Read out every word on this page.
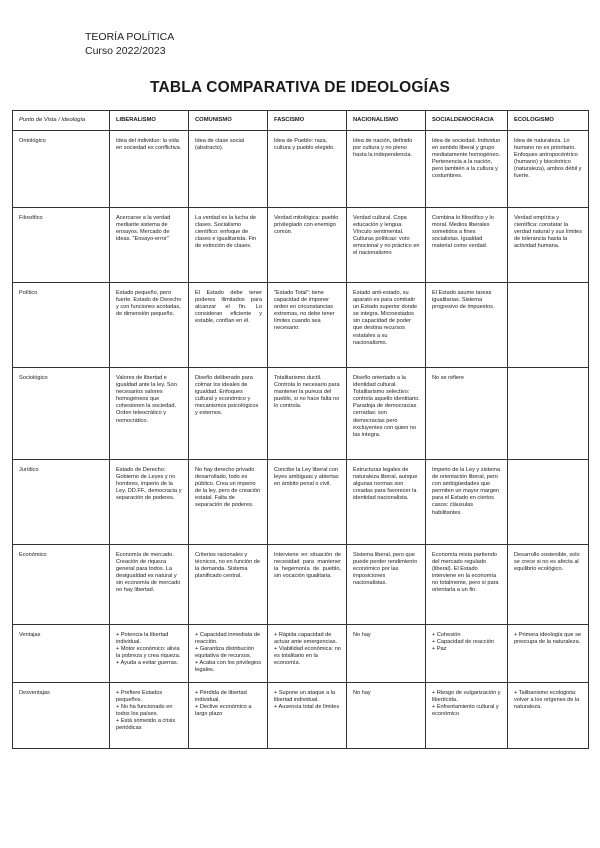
TEORÍA POLÍTICA
Curso 2022/2023
TABLA COMPARATIVA DE IDEOLOGÍAS
Punto de Vista / Ideología	LIBERALISMO	COMUNISMO	FASCISMO	NACIONALISMO	SOCIALDEMOCRACIA	ECOLOGISMO
Ontológico	Idea del individuo: la vida en sociedad es conflictiva.	Idea de clase social (abstracto).	Idea de Pueblo: raza, cultura y pueblo elegido.	Idea de nación, definido por cultura y no pleno hasta la independencia.	Idea de sociedad. Individuo en sentido liberal y grupo mediatamente homogéneo. Pertenencia a la nación, pero también a la cultura y costumbres.	Idea de naturaleza. Lo humano no es prioritario. Enfoques antropocéntrico (humano) y biocéntrico (naturaleza), ambos débil y fuerte.

Filosófico	Acercarse a la verdad mediante sistema de ensayos. Mercado de ideas. "Ensayo-error"	La verdad es la lucha de clases. Socialismo científico: enfoque de clases e igualitarista. Fin de extinción de clases.	Verdad mitológica: pueblo privilegiado con enemigo común.	Verdad cultural. Copa educación y lengua. Vínculo sentimental. Culturas políticas: voto emocional y no práctico en el nacionalismo	Combina lo filosófico y lo moral. Medios liberales sometidos a fines socialistas. Igualdad material como verdad.	Verdad empírica y científica: constatar la verdad natural y sus límites de tolerancia hasta la actividad humana.

Político	Estado pequeño, pero fuerte. Estado de Derecho y con funciones acotadas, de dimensión pequeño.	El Estado debe tener poderes ilimitados para alcanzar el fin. Lo consideran eficiente y estable, confían en él.	"Estado Total": tiene capacidad de imponer orden en circunstancias extremas, no debe tener límites cuando sea necesario.	Estado anti-estado, su aparato es para combatir un Estado superior donde se integra. Microestados sin capacidad de poder que destina recursos estatales a su nacionalismo.	El Estado asume tareas igualitarias. Sistema progresivo de impuestos.	

Sociológico	Valores de libertad e igualdad ante la ley. Son necesarios valores homogéneos que cohesionen la sociedad. Orden teleocrático y nomocrático.	Diseño deliberado para colmar los ideales de igualdad. Enfoques cultural y económico y mecanismos psicológicos y externos.	Totalitarismo ductil. Controla lo necesario para mantener la pureza del pueblo, si no hace falta no lo controla.	Diseño orientado a la identidad cultural. Totalitarismo selectivo: controla aquello identitario. Paradoja de democracias cerradas: son democracias pero excluyentes con quien no las integra.	No se refiere	

Jurídico	Estado de Derecho: Gobierno de Leyes y no hombres, imperio de la Ley, DD.FF., democracia y separación de poderes.	No hay derecho privado desarrollado, todo es público. Crea un imperio de la ley, pero de creación estatal. Falta de separación de poderes.	Concibe la Ley liberal con leyes ambiguas y abiertas en ámbito penal o civil.	Estructuras legales de naturaleza liberal, aunque algunas normas son creadas para favorecer la identidad nacionalista.	Imperio de la Ley y sistema de orientación liberal, pero con ambigüedades que permiten un mayor margen para el Estado en ciertos casos: cláusulas habilitantes.	

Económico	Economía de mercado. Creación de riqueza general para todos. La desigualdad es natural y sin economía de mercado no hay libertad.	Criterios racionales y técnicos, no en función de la demanda. Sistema planificado central.	Interviene en situación de necesidad para mantener la hegemonía de pueblo, sin vocación igualitaria.	Sistema liberal, pero que puede perder rendimiento económico por las imposiciones nacionalistas.	Economía mixta partiendo del mercado regulado (liberal). El Estado interviene en la economía no totalmente, pero si para orientarla a un fin.	Desarrollo sostenible, solo se crece si no es afecta al equilibrio ecológico.

Ventajas	+ Potencia la libertad individual.
+ Motor económico: alivia la pobreza y crea riqueza.
+ Ayuda a evitar guerras.	+ Capacidad inmediata de reacción.
+ Garantiza distribución equitativa de recursos.
+ Acaba con los privilegios legales.	+ Rápida capacidad de actuar ante emergencias.
+ Viabilidad económica: no es totalitario en la economía.	No hay	+ Cohesión
+ Capacidad de reacción
+ Paz	+ Primera ideología que se preocupa de la naturaleza.

Desventajas	+ Prefiere Estados pequeños.
+ No ha funcionado en todos los países.
+ Está sometido a crisis periódicas	+ Pérdida de libertad individual.
+ Declive económico a largo plazo	+ Supone un ataque a la libertad individual.
+ Ausencia total de límites	No hay	+ Riesgo de vulgarización y libertícida.
+ Enfrentamiento cultural y económico	+ Talibanismo ecologista: volver a los orígenes de la naturaleza.
